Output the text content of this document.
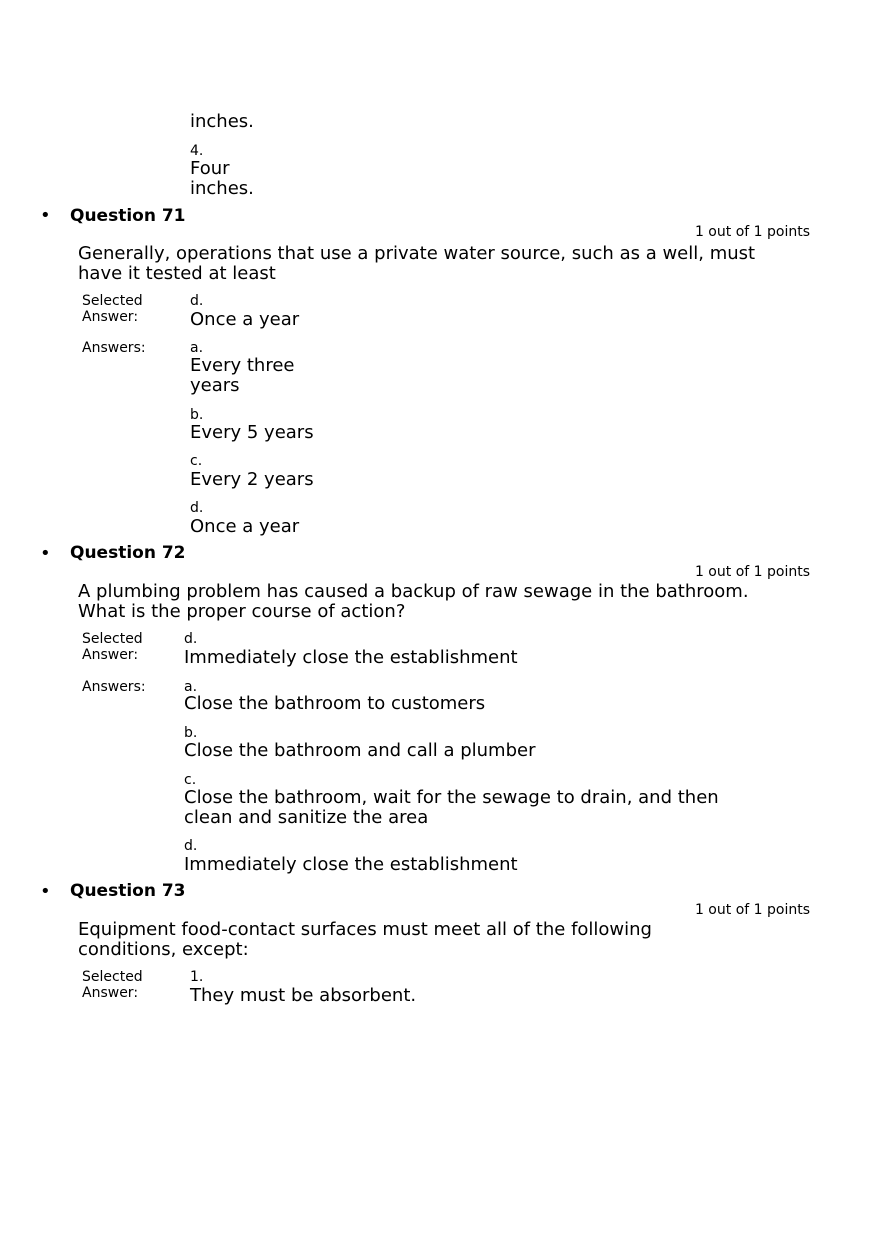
inches.
4.
Four
inches.
• Question 71
1 out of 1 points
Generally, operations that use a private water source, such as a well, must
have it tested at least
Selected
Answer:
d.
Once a year
Answers:	a.
Every three
years
b.
Every 5 years
c.
Every 2 years
d.
Once a year
• Question 72
1 out of 1 points
A plumbing problem has caused a backup of raw sewage in the bathroom.
What is the proper course of action?
Selected
Answer:
d.
Immediately close the establishment
Answers:	a.
Close the bathroom to customers
b.
Close the bathroom and call a plumber
c.
Close the bathroom, wait for the sewage to drain, and then
clean and sanitize the area
d.
Immediately close the establishment
• Question 73
1 out of 1 points
Equipment food-contact surfaces must meet all of the following
conditions, except:
Selected
Answer:
1.
They must be absorbent.
